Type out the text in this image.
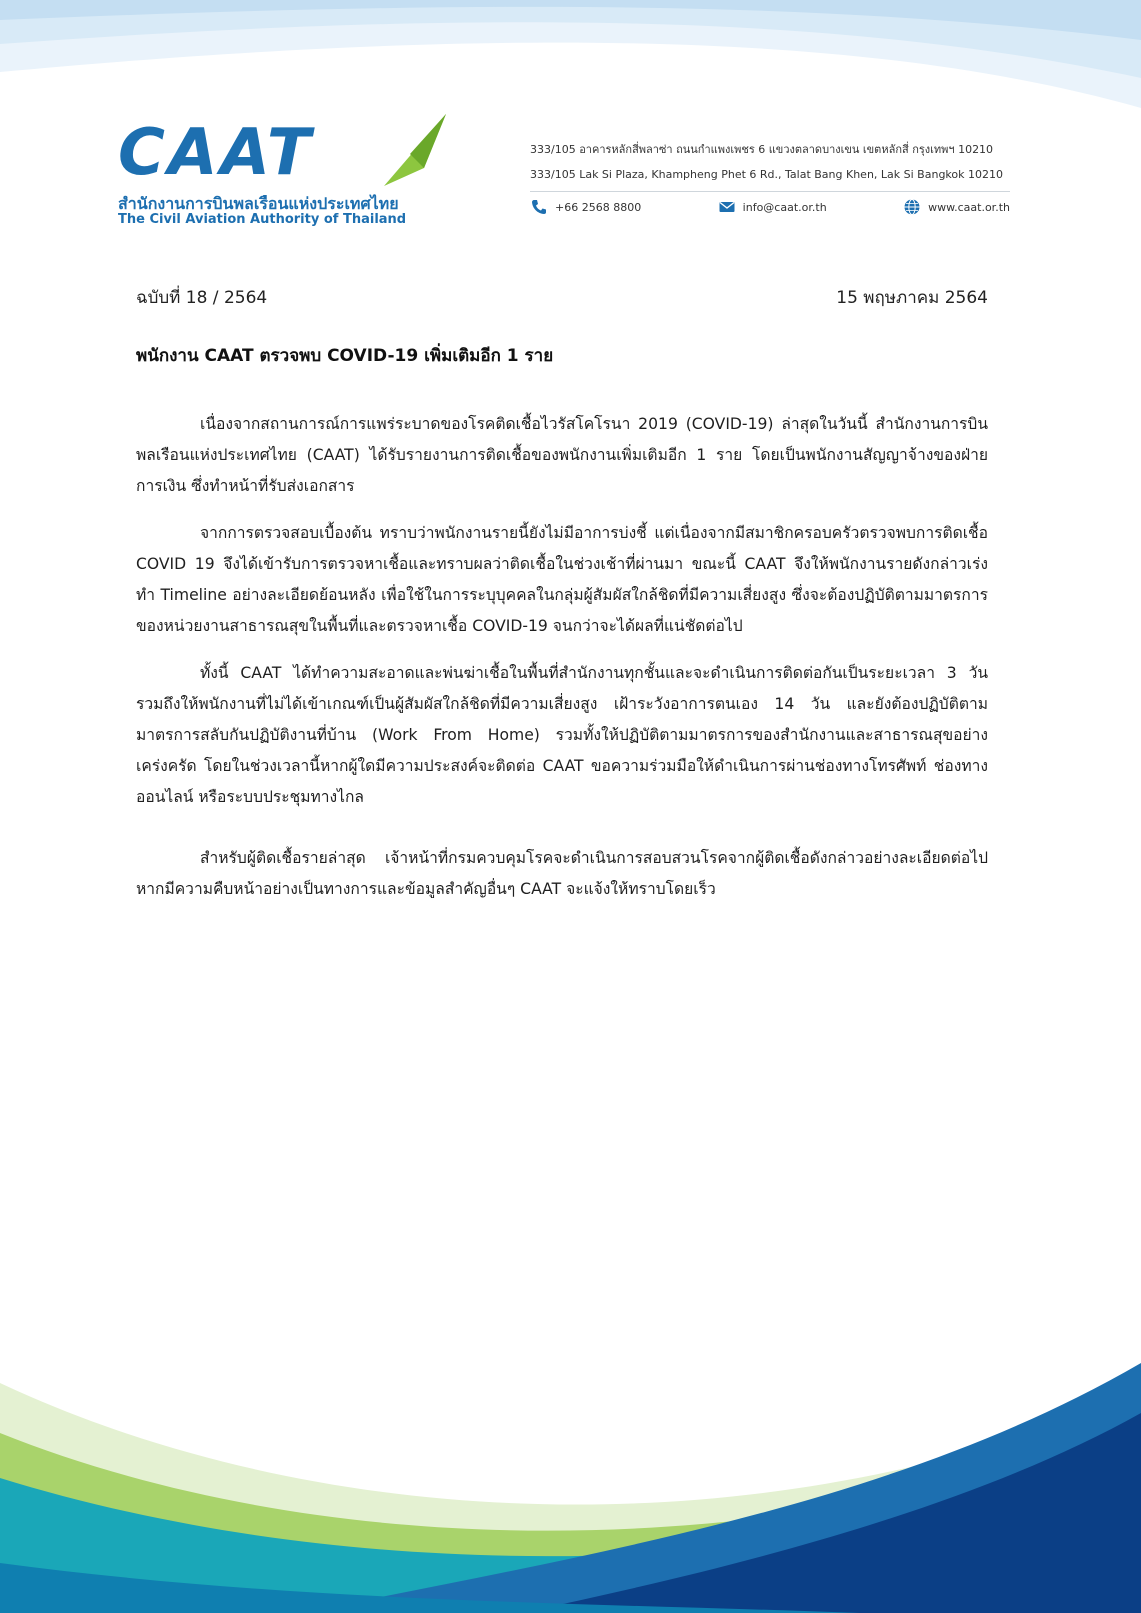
CAAT
สำนักงานการบินพลเรือนแห่งประเทศไทย
The Civil Aviation Authority of Thailand
333/105 อาคารหลักสี่พลาซ่า ถนนกำแพงเพชร 6 แขวงตลาดบางเขน เขตหลักสี่ กรุงเทพฯ 10210
333/105 Lak Si Plaza, Khampheng Phet 6 Rd., Talat Bang Khen, Lak Si Bangkok 10210
+66 2568 8800	info@caat.or.th	www.caat.or.th
ฉบับที่ 18 / 2564	15 พฤษภาคม 2564
พนักงาน CAAT ตรวจพบ COVID-19 เพิ่มเติมอีก 1 ราย

เนื่องจากสถานการณ์การแพร่ระบาดของโรคติดเชื้อไวรัสโคโรนา 2019 (COVID-19) ล่าสุดในวันนี้ สำนักงานการบินพลเรือนแห่งประเทศไทย (CAAT) ได้รับรายงานการติดเชื้อของพนักงานเพิ่มเติมอีก 1 ราย โดยเป็นพนักงานสัญญาจ้างของฝ่ายการเงิน ซึ่งทำหน้าที่รับส่งเอกสาร

จากการตรวจสอบเบื้องต้น ทราบว่าพนักงานรายนี้ยังไม่มีอาการบ่งชี้ แต่เนื่องจากมีสมาชิกครอบครัวตรวจพบการติดเชื้อ COVID 19 จึงได้เข้ารับการตรวจหาเชื้อและทราบผลว่าติดเชื้อในช่วงเช้าที่ผ่านมา ขณะนี้ CAAT จึงให้พนักงานรายดังกล่าวเร่งทำ Timeline อย่างละเอียดย้อนหลัง เพื่อใช้ในการระบุบุคคลในกลุ่มผู้สัมผัสใกล้ชิดที่มีความเสี่ยงสูง ซึ่งจะต้องปฏิบัติตามมาตรการของหน่วยงานสาธารณสุขในพื้นที่และตรวจหาเชื้อ COVID-19 จนกว่าจะได้ผลที่แน่ชัดต่อไป

ทั้งนี้ CAAT ได้ทำความสะอาดและพ่นฆ่าเชื้อในพื้นที่สำนักงานทุกชั้นและจะดำเนินการติดต่อกันเป็นระยะเวลา 3 วัน รวมถึงให้พนักงานที่ไม่ได้เข้าเกณฑ์เป็นผู้สัมผัสใกล้ชิดที่มีความเสี่ยงสูง เฝ้าระวังอาการตนเอง 14 วัน และยังต้องปฏิบัติตามมาตรการสลับกันปฏิบัติงานที่บ้าน (Work From Home) รวมทั้งให้ปฏิบัติตามมาตรการของสำนักงานและสาธารณสุขอย่างเคร่งครัด โดยในช่วงเวลานี้หากผู้ใดมีความประสงค์จะติดต่อ CAAT ขอความร่วมมือให้ดำเนินการผ่านช่องทางโทรศัพท์ ช่องทางออนไลน์ หรือระบบประชุมทางไกล

สำหรับผู้ติดเชื้อรายล่าสุด เจ้าหน้าที่กรมควบคุมโรคจะดำเนินการสอบสวนโรคจากผู้ติดเชื้อดังกล่าวอย่างละเอียดต่อไป หากมีความคืบหน้าอย่างเป็นทางการและข้อมูลสำคัญอื่นๆ CAAT จะแจ้งให้ทราบโดยเร็ว
